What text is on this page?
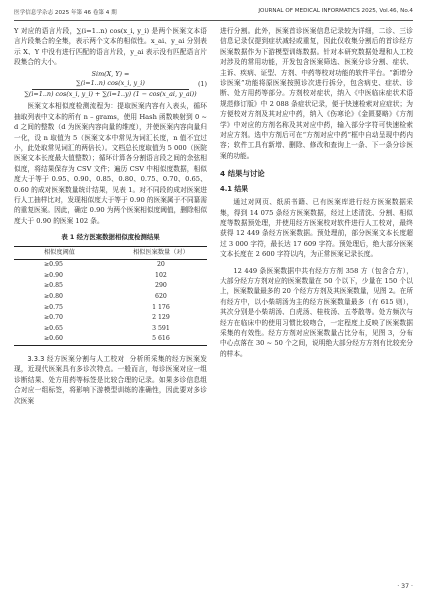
医学信息学杂志 2025 年第 46 卷第 4 期	JOURNAL OF MEDICAL INFORMATICS 2025, Vol.46, No.4

Y 对应的语言片段，∑(i=1..n) cos(x_i, y_i) 是两个医案文本语言片段集合的全集，表示两个文本的相似性。x_ai、y_ai 分别表示 X、Y 中没有进行匹配的语言片段，y_ai 表示没有匹配语言片段集合的大小。

Sim(X, Y) =
∑(i=1..n) cos(x_i, y_i)
∑(i=1..n) cos(x_i, y_i) + ∑(i=1..y) (1 − cos(x_ai, y_ai))
(1)

医案文本相似度检测流程为：提取医案内容有入表头，循环抽取列表中文本的所有 n – grams，使用 Hash 函数映射到 0 ~ d 之间的整数（d 为医案内容向量的维度），并使医案内容向量归一化，设 n 取值为 5（医案文本中常见为词汇长度，n 值不宜过小，此处取常见词汇的两倍长）。文档总长度取值为 5 000（医院医案文本长度最大值整数）；循环计算各分割语言段之间的余弦相似度，将结果保存为 CSV 文件；遍历 CSV 中相似度数据，相似度大于等于 0.95、0.90、0.85、0.80、0.75、0.70、0.65、0.60 的成对医案数量统计结果，见表 1。对不同段的成对医案进行人工抽样比对，发现相似度大于等于 0.90 的医案属于不同纂需的重复医案。因此，确定 0.90 为两个医案相似度阈值，删除相似度大于 0.90 的医案 102 条。

表 1 经方医案数据相似度检测结果
相似度阈值	相似医案数量（对）
≥0.95	20
≥0.90	102
≥0.85	290
≥0.80	620
≥0.75	1 176
≥0.70	2 129
≥0.65	3 591
≥0.60	5 616

3.3.3 经方医案分割与人工校对 分析所采集的经方医案发现，近现代医案具有多诊次特点。一般而言，每诊医案对应一组诊断结果、处方用药等标签是比较合理的记录。如果多诊信息组合对应一组标签，将影响下游模型训练的准确性，因此要对多诊次医案

进行分割。此外，医案首诊医案信息记录较为详细，二诊、三诊信息记录仅提到症状减轻或重复，因此仅收集分割后的首诊经方医案数据作为下游模型训练数据。针对本研究数据处理和人工校对涉及的常用功能，开发包含医案筛选、医案分诊分割、症状、主诉、疾病、证型、方剂、中药等校对功能的软件平台。“新增分诊医案”功能将原医案按照诊次进行拆分，包含病史、症状、诊断、处方用药等部分。方剂校对症状，纳入《中医临床症状术语规范修订版》中 2 088 条症状记录，便于快速检索对应症状；为方便校对方剂及其对应中药，纳入《伤寒论》《金匮要略》《方剂学》中对应的方剂名称及其对应中药，输入部分字符可快速检索对应方剂。选中方剂后可在“方剂对应中药”框中自动呈现中药内容；软件工具有新增、删除、修改和查询上一条、下一条分诊医案的功能。

4 结果与讨论
4.1 结果

通过对网页、纸质书籍、已有医案库进行经方医案数据采集，得到 14 075 条经方医案数据，经过上述清洗、分割、相似度等数据预处理，并使用经方医案校对软件进行人工校对，最终获得 12 449 条经方医案数据。预处理前，部分医案文本长度超过 3 000 字符，最长达 17 609 字符。预处理后，绝大部分医案文本长度在 2 600 字符以内，为正常医案记录长度。

12 449 条医案数据中共有经方方剂 358 方（包含合方），大部分经方方剂对应的医案数量在 50 个以下，少量在 150 个以上，医案数量最多的 20 个经方方剂及其医案数量，见图 2。在所有经方中，以小柴胡汤为主的经方医案数量最多（有 615 则），其次分别是小柴胡汤、白虎汤、桂枝汤、五苓散等。处方频次与经方在临床中的使用习惯比较吻合，一定程度上反映了医案数据采集的有效性。经方方剂对应医案数量占比分布，见图 3，分布中心点落在 30 ~ 50 个之间，说明绝大部分经方方剂有比较充分的样本。

· 37 ·
